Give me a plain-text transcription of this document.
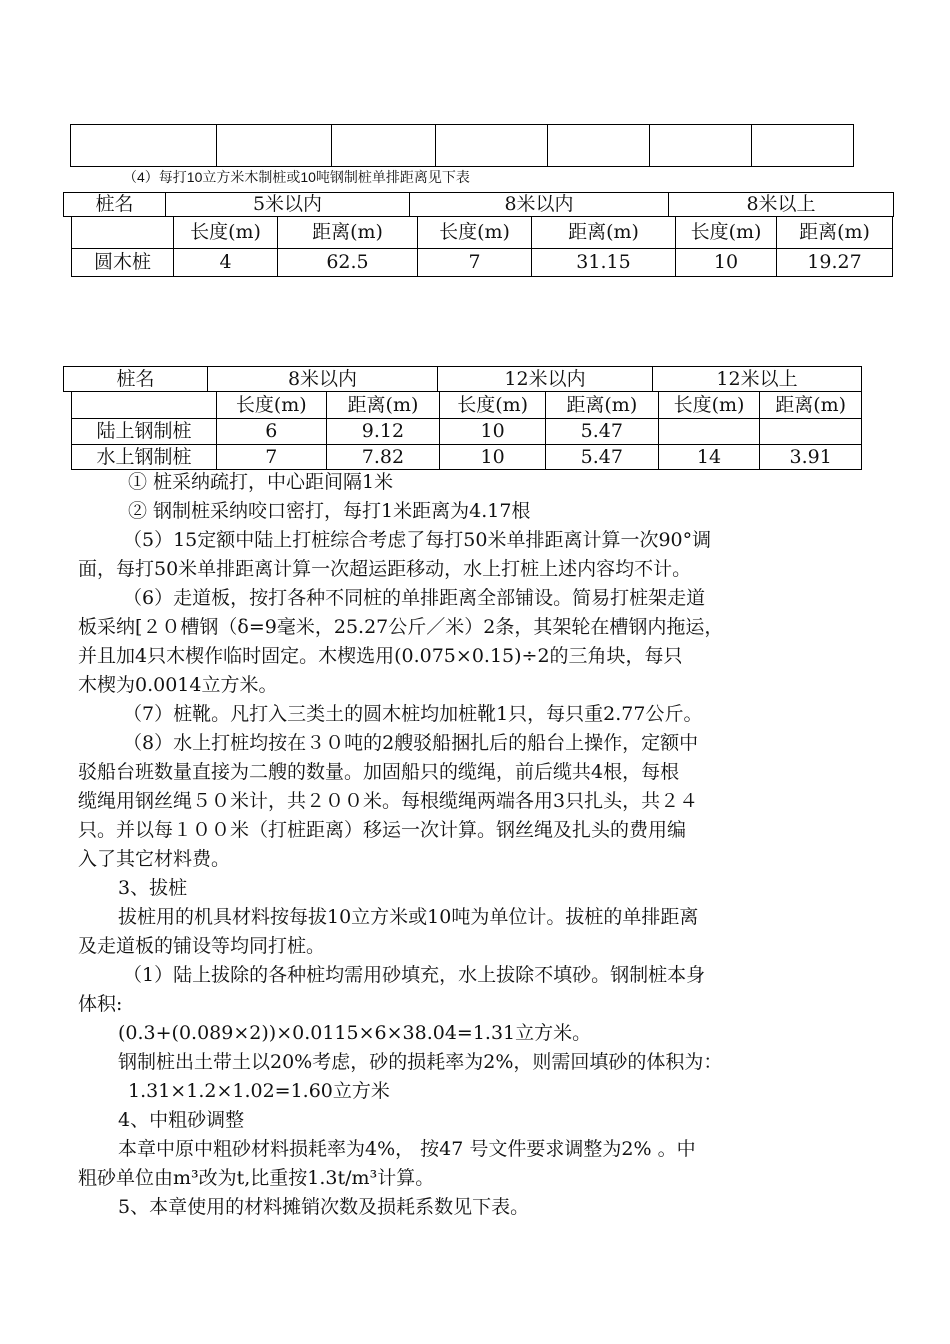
（4）每打10立方米木制桩或10吨钢制桩单排距离见下表
桩名	5米以内	8米以内	8米以上
	长度(m)	距离(m)	长度(m)	距离(m)	长度(m)	距离(m)
圆木桩	4	62.5	7	31.15	10	19.27
桩名	8米以内	12米以内	12米以上
	长度(m)	距离(m)	长度(m)	距离(m)	长度(m)	距离(m)
陆上钢制桩	6	9.12	10	5.47		
水上钢制桩	7	7.82	10	5.47	14	3.91
① 桩采纳疏打，中心距间隔1米
② 钢制桩采纳咬口密打，每打1米距离为4.17根
（5）15定额中陆上打桩综合考虑了每打50米单排距离计算一次90°调
面，每打50米单排距离计算一次超运距移动，水上打桩上述内容均不计。
（6）走道板，按打各种不同桩的单排距离全部铺设。简易打桩架走道
板采纳[２０槽钢（δ=9毫米，25.27公斤／米）2条，其架轮在槽钢内拖运，
并且加4只木楔作临时固定。木楔选用(0.075×0.15)÷2的三角块，每只
木楔为0.0014立方米。
（7）桩靴。凡打入三类土的圆木桩均加桩靴1只，每只重2.77公斤。
（8）水上打桩均按在３０吨的2艘驳船捆扎后的船台上操作，定额中
驳船台班数量直接为二艘的数量。加固船只的缆绳，前后缆共4根，每根
缆绳用钢丝绳５０米计，共２００米。每根缆绳两端各用3只扎头，共２４
只。并以每１００米（打桩距离）移运一次计算。钢丝绳及扎头的费用编
入了其它材料费。
3、拔桩
拔桩用的机具材料按每拔10立方米或10吨为单位计。拔桩的单排距离
及走道板的铺设等均同打桩。
（1）陆上拔除的各种桩均需用砂填充，水上拔除不填砂。钢制桩本身
体积:
(0.3+(0.089×2))×0.0115×6×38.04=1.31立方米。
钢制桩出土带土以20%考虑，砂的损耗率为2%，则需回填砂的体积为：
1.31×1.2×1.02=1.60立方米
4、中粗砂调整
本章中原中粗砂材料损耗率为4%， 按47 号文件要求调整为2% 。中
粗砂单位由m³改为t,比重按1.3t/m³计算。
5、本章使用的材料摊销次数及损耗系数见下表。
